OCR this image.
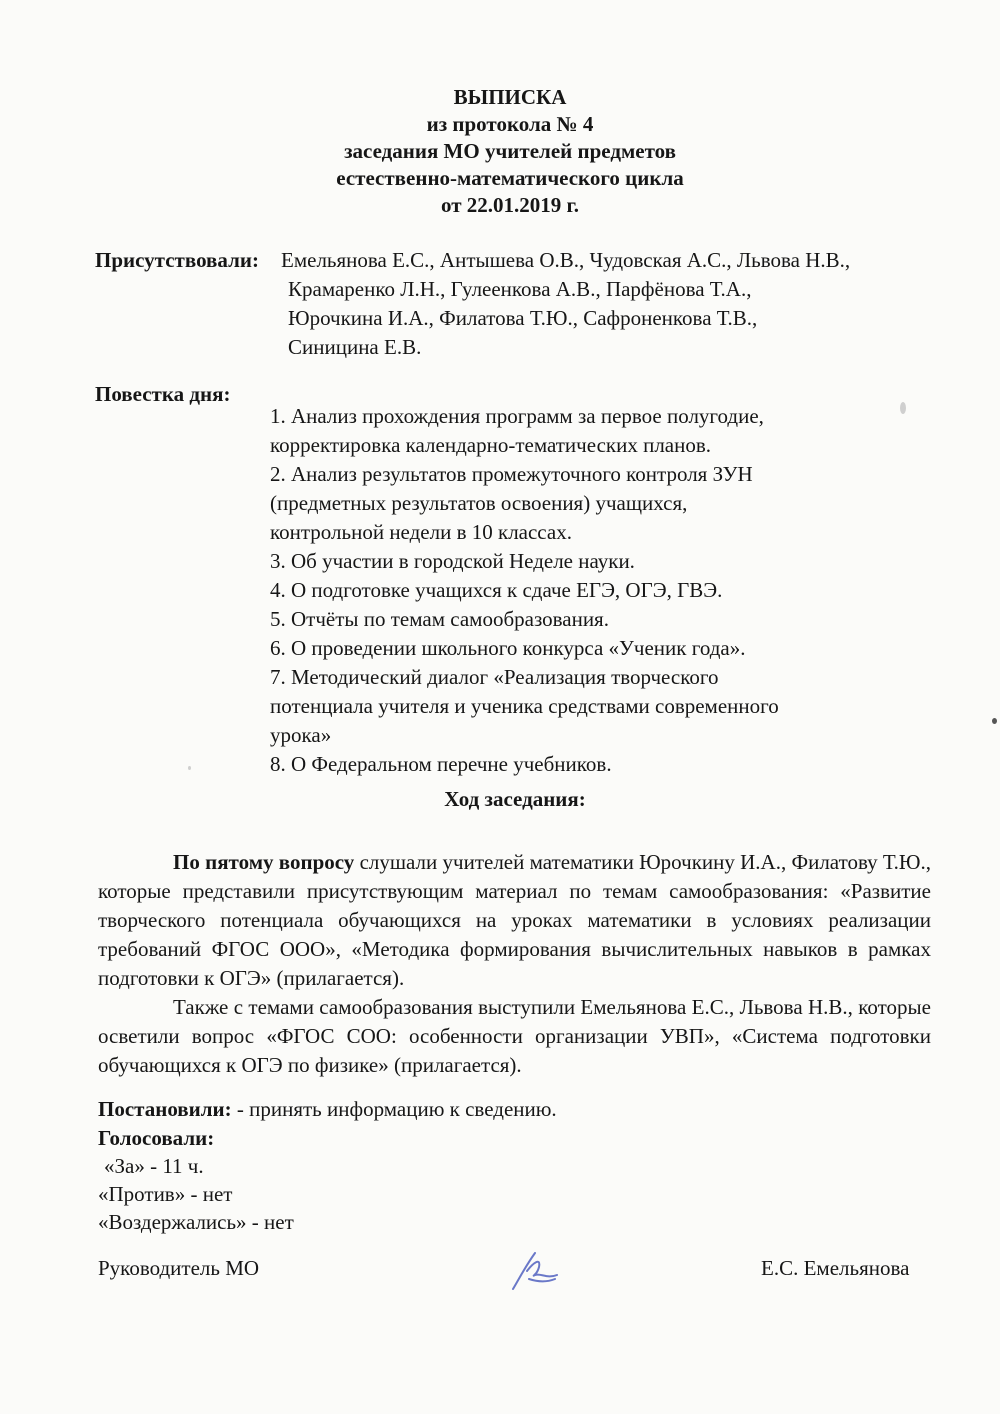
ВЫПИСКА
из протокола № 4
заседания МО учителей предметов
естественно-математического цикла
от 22.01.2019 г.
Присутствовали: Емельянова Е.С., Антышева О.В., Чудовская А.С., Львова Н.В.,
Крамаренко Л.Н., Гулеенкова А.В., Парфёнова Т.А.,
Юрочкина И.А., Филатова Т.Ю., Сафроненкова Т.В.,
Синицина Е.В.
Повестка дня:
1. Анализ прохождения программ за первое полугодие,
корректировка календарно-тематических планов.
2. Анализ результатов промежуточного контроля ЗУН
(предметных результатов освоения) учащихся,
контрольной недели в 10 классах.
3. Об участии в городской Неделе науки.
4. О подготовке учащихся к сдаче ЕГЭ, ОГЭ, ГВЭ.
5. Отчёты по темам самообразования.
6. О проведении школьного конкурса «Ученик года».
7. Методический диалог «Реализация творческого
потенциала учителя и ученика средствами современного
урока»
8. О Федеральном перечне учебников.
Ход заседания:

По пятому вопросу слушали учителей математики Юрочкину И.А., Филатову Т.Ю., которые представили присутствующим материал по темам самообразования: «Развитие творческого потенциала обучающихся на уроках математики в условиях реализации требований ФГОС ООО», «Методика формирования вычислительных навыков в рамках подготовки к ОГЭ» (прилагается).

Также с темами самообразования выступили Емельянова Е.С., Львова Н.В., которые осветили вопрос «ФГОС СОО: особенности организации УВП», «Система подготовки обучающихся к ОГЭ по физике» (прилагается).

Постановили: - принять информацию к сведению.
Голосовали:
«За» - 11 ч.
«Против» - нет
«Воздержались» - нет
Руководитель МО	Е.С. Емельянова
